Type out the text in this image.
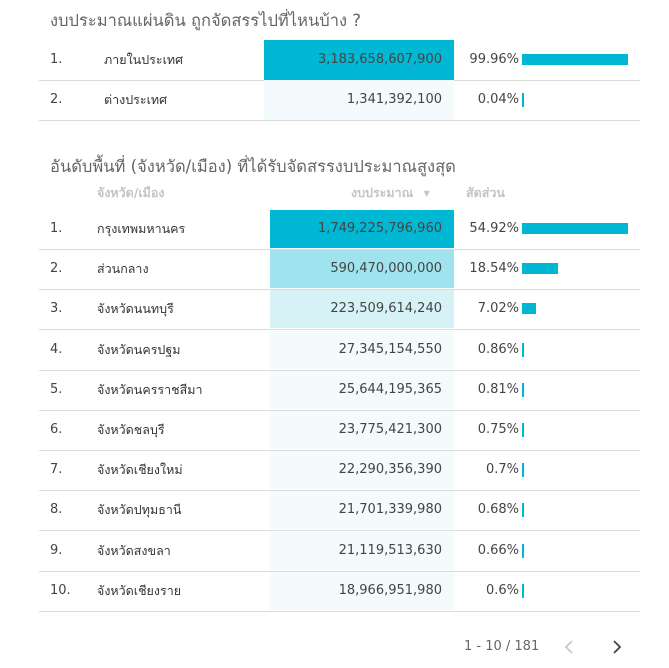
งบประมาณแผ่นดิน ถูกจัดสรรไปที่ไหนบ้าง ?
1.	ภายในประเทศ	3,183,658,607,900	99.96%
2.	ต่างประเทศ	1,341,392,100	0.04%
อันดับพื้นที่ (จังหวัด/เมือง) ที่ได้รับจัดสรรงบประมาณสูงสุด
จังหวัด/เมือง	งบประมาณ ▼	สัดส่วน
1.	กรุงเทพมหานคร	1,749,225,796,960	54.92%
2.	ส่วนกลาง	590,470,000,000	18.54%
3.	จังหวัดนนทบุรี	223,509,614,240	7.02%
4.	จังหวัดนครปฐม	27,345,154,550	0.86%
5.	จังหวัดนครราชสีมา	25,644,195,365	0.81%
6.	จังหวัดชลบุรี	23,775,421,300	0.75%
7.	จังหวัดเชียงใหม่	22,290,356,390	0.7%
8.	จังหวัดปทุมธานี	21,701,339,980	0.68%
9.	จังหวัดสงขลา	21,119,513,630	0.66%
10. จังหวัดเชียงราย	18,966,951,980	0.6%
1 - 10 / 181
